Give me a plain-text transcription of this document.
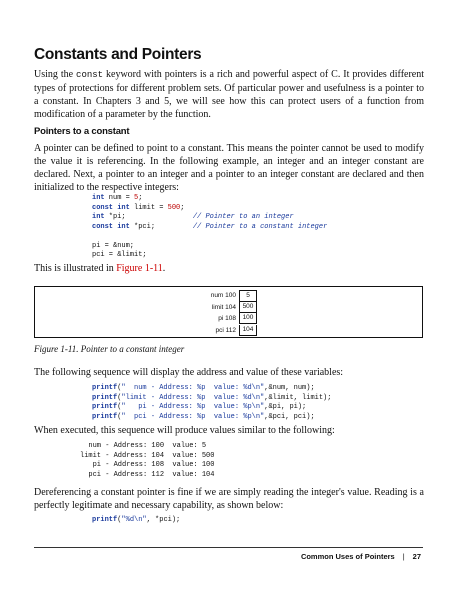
Constants and Pointers

Using the const keyword with pointers is a rich and powerful aspect of C. It provides different types of protections for different problem sets. Of particular power and usefulness is a pointer to a constant. In Chapters 3 and 5, we will see how this can protect users of a function from modification of a parameter by the function.

Pointers to a constant

A pointer can be defined to point to a constant. This means the pointer cannot be used to modify the value it is referencing. In the following example, an integer and an integer constant are declared. Next, a pointer to an integer and a pointer to an integer constant are declared and then initialized to the respective integers:

int num = 5;
const int limit = 500;
int *pi;	// Pointer to an integer
const int *pci;	// Pointer to a constant integer

pi = &num;
pci = &limit;

This is illustrated in Figure 1-11.

num 100	5
limit 104	500
pi 108	100
pci 112	104

Figure 1-11. Pointer to a constant integer

The following sequence will display the address and value of these variables:

printf("  num - Address: %p  value: %d\n",&num, num);
printf("limit - Address: %p  value: %d\n",&limit, limit);
printf("   pi - Address: %p  value: %p\n",&pi, pi);
printf("  pci - Address: %p  value: %p\n",&pci, pci);

When executed, this sequence will produce values similar to the following:

num - Address: 100  value: 5
limit - Address: 104  value: 500
pi - Address: 108  value: 100
pci - Address: 112  value: 104

Dereferencing a constant pointer is fine if we are simply reading the integer's value. Reading is a perfectly legitimate and necessary capability, as shown below:

printf("%d\n", *pci);
Common Uses of Pointers | 27
